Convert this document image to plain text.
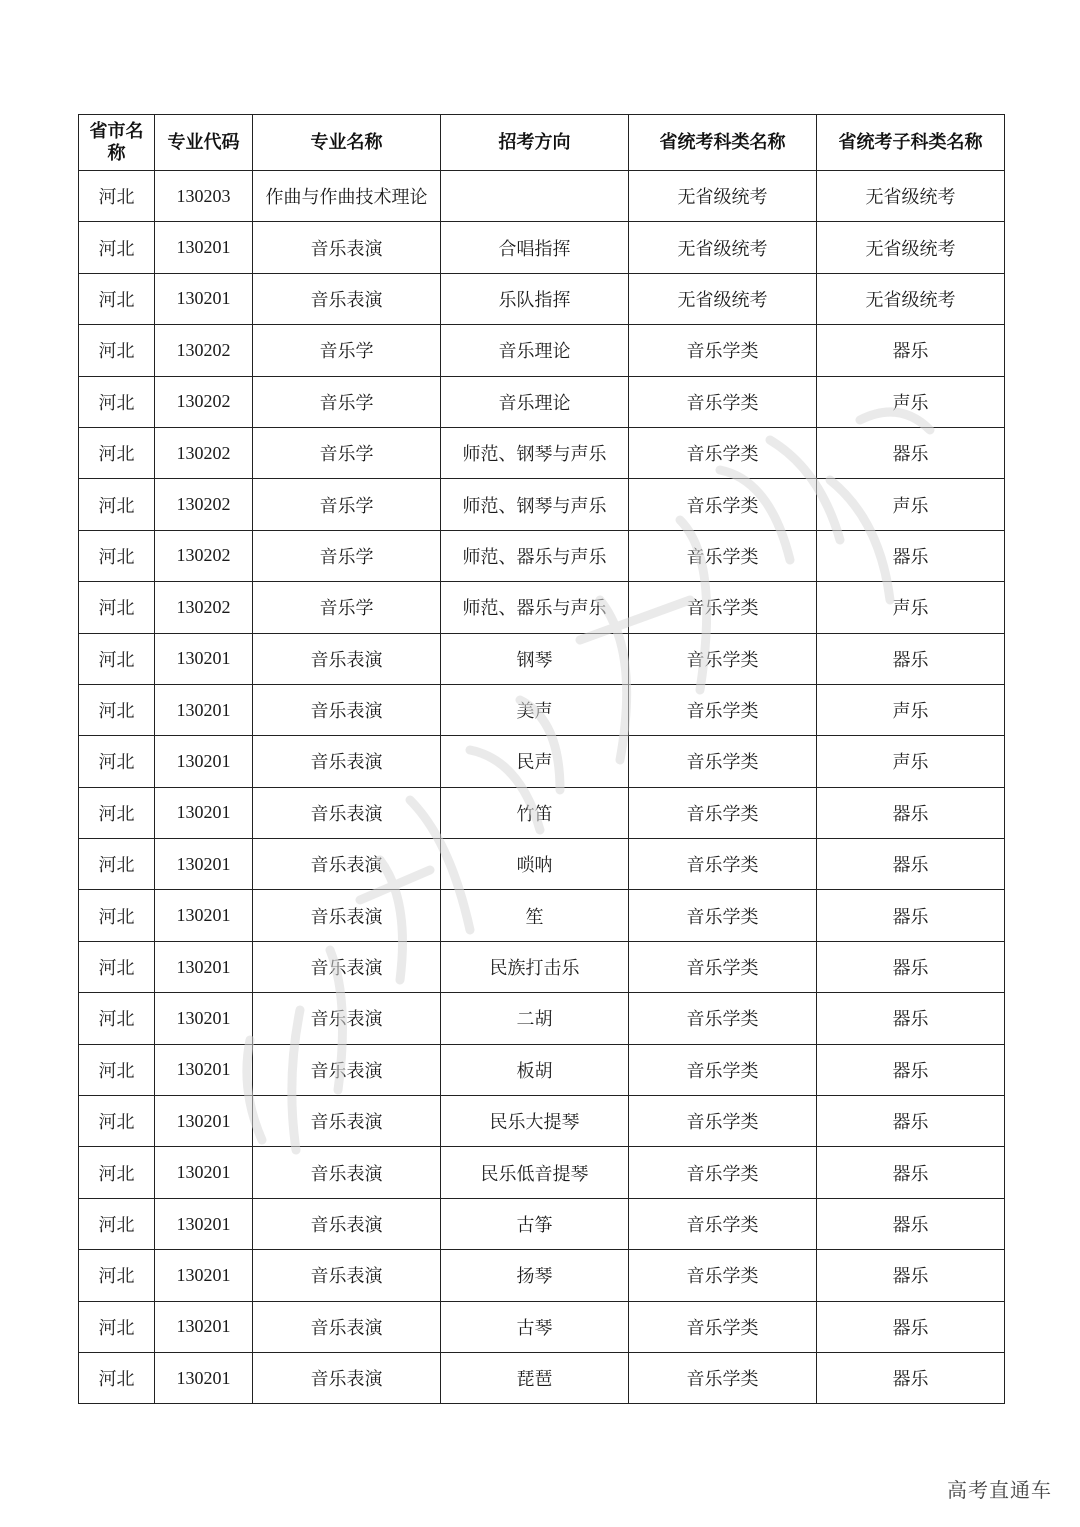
省市名称	专业代码	专业名称	招考方向	省统考科类名称	省统考子科类名称
河北	130203	作曲与作曲技术理论		无省级统考	无省级统考
河北	130201	音乐表演	合唱指挥	无省级统考	无省级统考
河北	130201	音乐表演	乐队指挥	无省级统考	无省级统考
河北	130202	音乐学	音乐理论	音乐学类	器乐
河北	130202	音乐学	音乐理论	音乐学类	声乐
河北	130202	音乐学	师范、钢琴与声乐	音乐学类	器乐
河北	130202	音乐学	师范、钢琴与声乐	音乐学类	声乐
河北	130202	音乐学	师范、器乐与声乐	音乐学类	器乐
河北	130202	音乐学	师范、器乐与声乐	音乐学类	声乐
河北	130201	音乐表演	钢琴	音乐学类	器乐
河北	130201	音乐表演	美声	音乐学类	声乐
河北	130201	音乐表演	民声	音乐学类	声乐
河北	130201	音乐表演	竹笛	音乐学类	器乐
河北	130201	音乐表演	唢呐	音乐学类	器乐
河北	130201	音乐表演	笙	音乐学类	器乐
河北	130201	音乐表演	民族打击乐	音乐学类	器乐
河北	130201	音乐表演	二胡	音乐学类	器乐
河北	130201	音乐表演	板胡	音乐学类	器乐
河北	130201	音乐表演	民乐大提琴	音乐学类	器乐
河北	130201	音乐表演	民乐低音提琴	音乐学类	器乐
河北	130201	音乐表演	古筝	音乐学类	器乐
河北	130201	音乐表演	扬琴	音乐学类	器乐
河北	130201	音乐表演	古琴	音乐学类	器乐
河北	130201	音乐表演	琵琶	音乐学类	器乐
高考直通车
